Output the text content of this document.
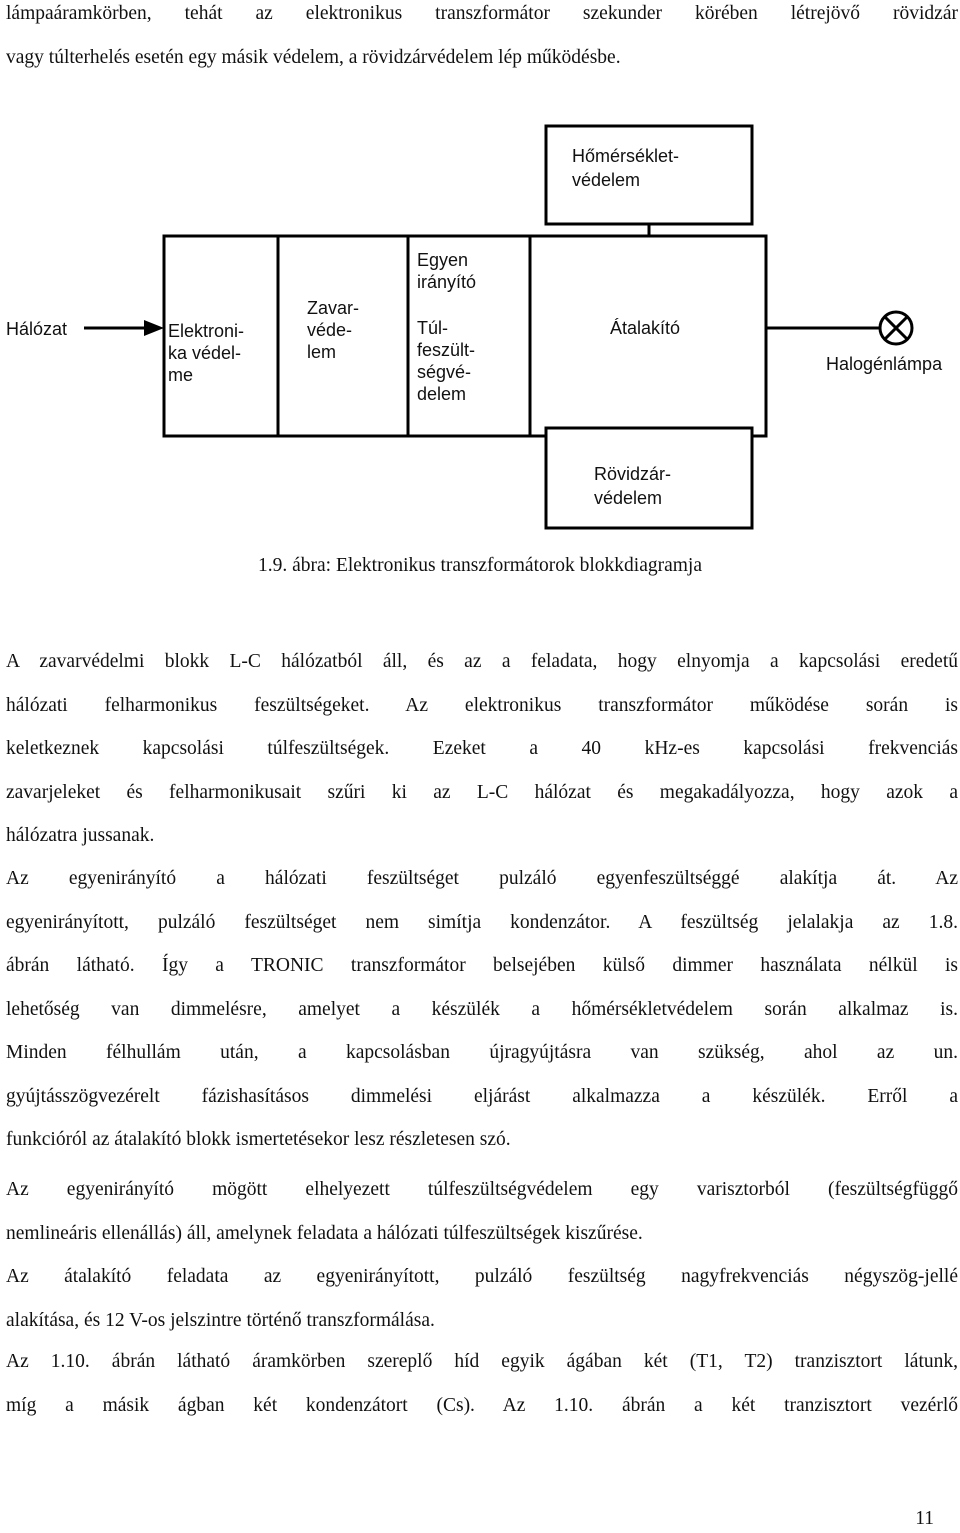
lámpaáramkörben, tehát az elektronikus transzformátor szekunder körében létrejövő rövidzár
vagy túlterhelés esetén egy másik védelem, a rövidzárvédelem lép működésbe.
Hőmérséklet-
védelem
Rövidzár-
védelem
Hálózat
Halogénlámpa
Elektroni-
ka védel-
me
Zavar-
véde-
lem
Egyen
irányító
Túl-
feszült-
ségvé-
delem
Átalakító
1.9. ábra: Elektronikus transzformátorok blokkdiagramja
A zavarvédelmi blokk L-C hálózatból áll, és az a feladata, hogy elnyomja a kapcsolási eredetű
hálózati felharmonikus feszültségeket. Az elektronikus transzformátor működése során is
keletkeznek kapcsolási túlfeszültségek. Ezeket a 40 kHz-es kapcsolási frekvenciás
zavarjeleket és felharmonikusait szűri ki az L-C hálózat és megakadályozza, hogy azok a
hálózatra jussanak.
Az egyenirányító a hálózati feszültséget pulzáló egyenfeszültséggé alakítja át. Az
egyenirányított, pulzáló feszültséget nem simítja kondenzátor. A feszültség jelalakja az 1.8.
ábrán látható. Így a TRONIC transzformátor belsejében külső dimmer használata nélkül is
lehetőség van dimmelésre, amelyet a készülék a hőmérsékletvédelem során alkalmaz is.
Minden félhullám után, a kapcsolásban újragyújtásra van szükség, ahol az un.
gyújtásszögvezérelt fázishasításos dimmelési eljárást alkalmazza a készülék. Erről a
funkcióról az átalakító blokk ismertetésekor lesz részletesen szó.
Az egyenirányító mögött elhelyezett túlfeszültségvédelem egy varisztorból (feszültségfüggő
nemlineáris ellenállás) áll, amelynek feladata a hálózati túlfeszültségek kiszűrése.
Az átalakító feladata az egyenirányított, pulzáló feszültség nagyfrekvenciás négyszög-jellé
alakítása, és 12 V-os jelszintre történő transzformálása.
Az 1.10. ábrán látható áramkörben szereplő híd egyik ágában két (T1, T2) tranzisztort látunk,
míg a másik ágban két kondenzátort (Cs). Az 1.10. ábrán a két tranzisztort vezérlő
11
